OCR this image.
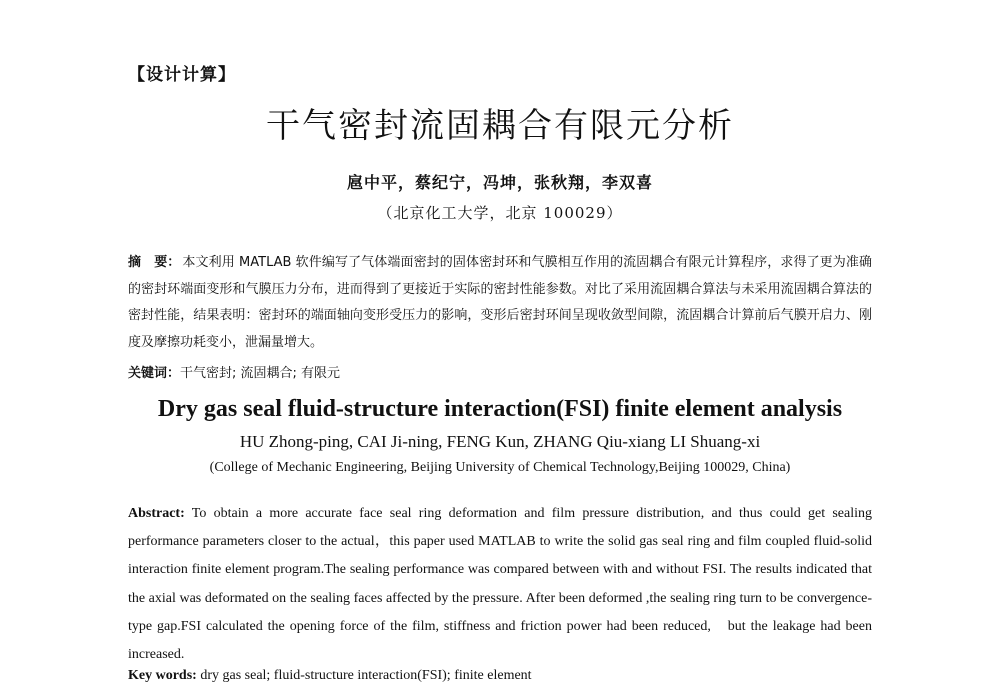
【设计计算】
干气密封流固耦合有限元分析
扈中平，蔡纪宁，冯坤，张秋翔，李双喜
（北京化工大学，北京 100029）
摘　要： 本文利用 MATLAB 软件编写了气体端面密封的固体密封环和气膜相互作用的流固耦合有限元计算程序，求得了更为准确的密封环端面变形和气膜压力分布，进而得到了更接近于实际的密封性能参数。对比了采用流固耦合算法与未采用流固耦合算法的密封性能，结果表明：密封环的端面轴向变形受压力的影响，变形后密封环间呈现收敛型间隙，流固耦合计算前后气膜开启力、刚度及摩擦功耗变小，泄漏量增大。
关键词：干气密封; 流固耦合; 有限元
Dry gas seal fluid-structure interaction(FSI) finite element analysis
HU Zhong-ping, CAI Ji-ning, FENG Kun, ZHANG Qiu-xiang LI Shuang-xi
(College of Mechanic Engineering, Beijing University of Chemical Technology,Beijing 100029, China)
Abstract: To obtain a more accurate face seal ring deformation and film pressure distribution, and thus could get sealing performance parameters closer to the actual，this paper used MATLAB to write the solid gas seal ring and film coupled fluid-solid interaction finite element program.The sealing performance was compared between with and without FSI. The results indicated that the axial was deformated on the sealing faces affected by the pressure. After been deformed ,the sealing ring turn to be convergence-type gap.FSI calculated the opening force of the film, stiffness and friction power had been reduced,　but the leakage had been increased.
Key words: dry gas seal; fluid-structure interaction(FSI); finite element
